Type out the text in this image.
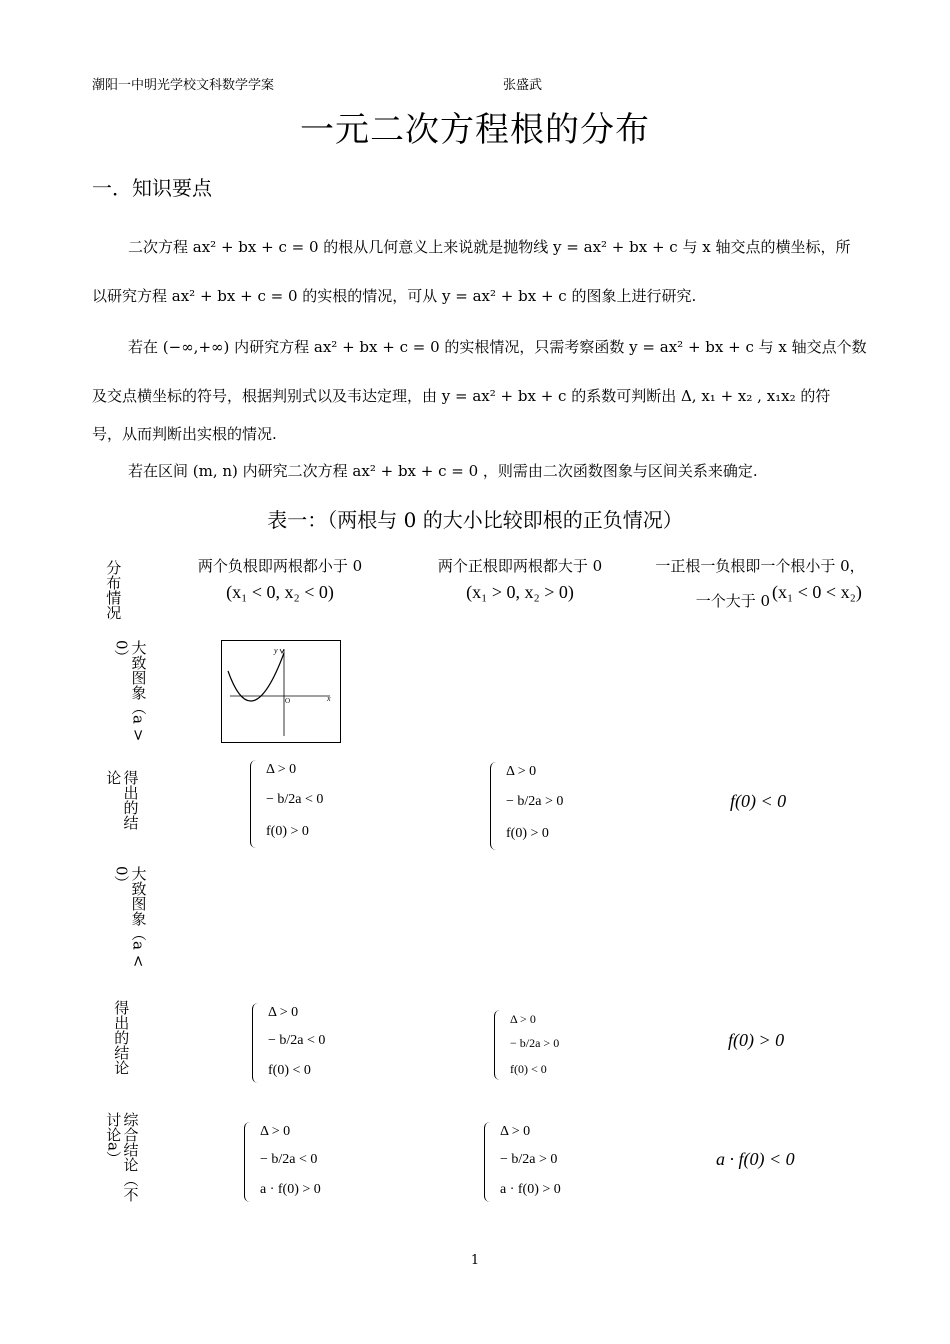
潮阳一中明光学校文科数学学案	张盛武
一元二次方程根的分布
一．知识要点
二次方程 ax² + bx + c = 0 的根从几何意义上来说就是抛物线 y = ax² + bx + c 与 x 轴交点的横坐标，所
以研究方程 ax² + bx + c = 0 的实根的情况，可从 y = ax² + bx + c 的图象上进行研究.
若在 (−∞,+∞) 内研究方程 ax² + bx + c = 0 的实根情况，只需考察函数 y = ax² + bx + c 与 x 轴交点个数
及交点横坐标的符号，根据判别式以及韦达定理，由 y = ax² + bx + c 的系数可判断出 Δ, x₁ + x₂ , x₁x₂ 的符
号，从而判断出实根的情况.
若在区间 (m, n) 内研究二次方程 ax² + bx + c = 0 ，则需由二次函数图象与区间关系来确定.
表一：（两根与 0 的大小比较即根的正负情况）
两个负根即两根都小于 0
(x₁ < 0, x₂ < 0)
两个正根即两根都大于 0
(x₁ > 0, x₂ > 0)
一正根一负根即一个根小于 0，
一个大于 0 (x₁ < 0 < x₂)
分布情况
大致图象（a > 0）
得出的结论
大致图象（a < 0）
得出的结论
综合结论（不讨论a）
y
x
O
Δ > 0
− b/2a < 0
f(0) > 0
Δ > 0
− b/2a > 0
f(0) > 0
f(0) < 0
Δ > 0
− b/2a < 0
f(0) < 0
Δ > 0
− b/2a > 0
f(0) < 0
f(0) > 0
Δ > 0
− b/2a < 0
a · f(0) > 0
Δ > 0
− b/2a > 0
a · f(0) > 0
a · f(0) < 0
1
